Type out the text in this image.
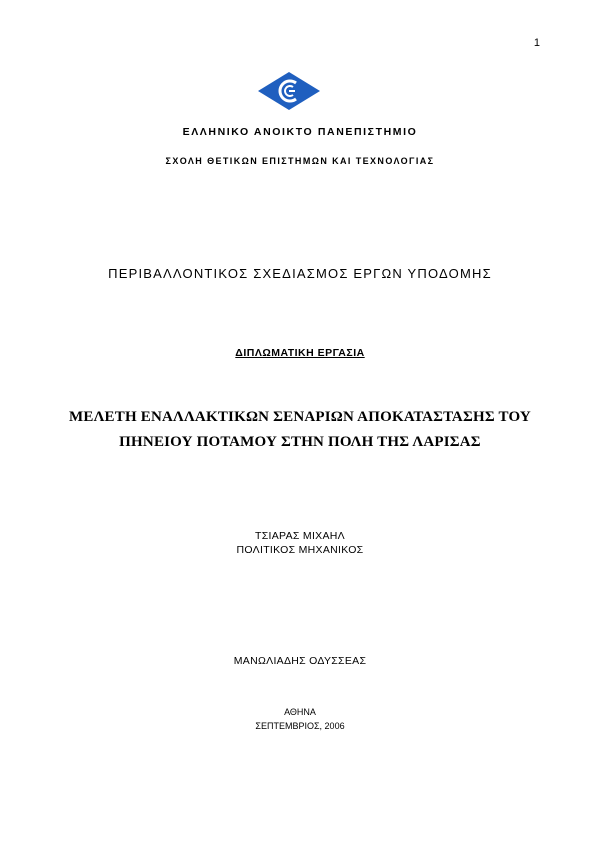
1
ΕΛΛΗΝΙΚΟ ΑΝΟΙΚΤΟ ΠΑΝΕΠΙΣΤΗΜΙΟ
ΣΧΟΛΗ ΘΕΤΙΚΩΝ ΕΠΙΣΤΗΜΩΝ ΚΑΙ ΤΕΧΝΟΛΟΓΙΑΣ
ΠΕΡΙΒΑΛΛΟΝΤΙΚΟΣ ΣΧΕΔΙΑΣΜΟΣ ΕΡΓΩΝ ΥΠΟΔΟΜΗΣ
ΔΙΠΛΩΜΑΤΙΚΗ ΕΡΓΑΣΙΑ
ΜΕΛΕΤΗ ΕΝΑΛΛΑΚΤΙΚΩΝ ΣΕΝΑΡΙΩΝ ΑΠΟΚΑΤΑΣΤΑΣΗΣ ΤΟΥ
ΠΗΝΕΙΟΥ ΠΟΤΑΜΟΥ ΣΤΗΝ ΠΟΛΗ ΤΗΣ ΛΑΡΙΣΑΣ
ΤΣΙΑΡΑΣ ΜΙΧΑΗΛ
ΠΟΛΙΤΙΚΟΣ ΜΗΧΑΝΙΚΟΣ
ΜΑΝΩΛΙΑΔΗΣ ΟΔΥΣΣΕΑΣ
ΑΘΗΝΑ
ΣΕΠΤΕΜΒΡΙΟΣ, 2006
